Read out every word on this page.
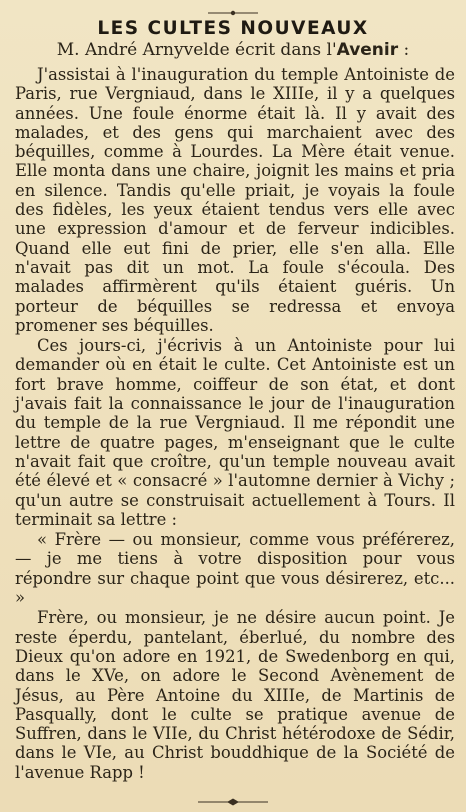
LES CULTES NOUVEAUX
M. André Arnyvelde écrit dans l'Avenir :

J'assistai à l'inauguration du temple Antoiniste de Paris, rue Vergniaud, dans le XIIIe, il y a quelques années. Une foule énorme était là. Il y avait des malades, et des gens qui marchaient avec des béquilles, comme à Lourdes. La Mère était venue. Elle monta dans une chaire, joignit les mains et pria en silence. Tandis qu'elle priait, je voyais la foule des fidèles, les yeux étaient tendus vers elle avec une expression d'amour et de ferveur indicibles. Quand elle eut fini de prier, elle s'en alla. Elle n'avait pas dit un mot. La foule s'écoula. Des malades affirmèrent qu'ils étaient guéris. Un porteur de béquilles se redressa et envoya promener ses béquilles.

Ces jours-ci, j'écrivis à un Antoiniste pour lui demander où en était le culte. Cet Antoiniste est un fort brave homme, coiffeur de son état, et dont j'avais fait la connaissance le jour de l'inauguration du temple de la rue Vergniaud. Il me répondit une lettre de quatre pages, m'enseignant que le culte n'avait fait que croître, qu'un temple nouveau avait été élevé et « consacré » l'automne dernier à Vichy ; qu'un autre se construisait actuellement à Tours. Il terminait sa lettre :

« Frère — ou monsieur, comme vous préférerez, — je me tiens à votre disposition pour vous répondre sur chaque point que vous désirerez, etc... »

Frère, ou monsieur, je ne désire aucun point. Je reste éperdu, pantelant, éberlué, du nombre des Dieux qu'on adore en 1921, de Swedenborg en qui, dans le XVe, on adore le Second Avènement de Jésus, au Père Antoine du XIIIe, de Martinis de Pasqually, dont le culte se pratique avenue de Suffren, dans le VIIe, du Christ hétérodoxe de Sédir, dans le VIe, au Christ bouddhique de la Société de l'avenue Rapp !
